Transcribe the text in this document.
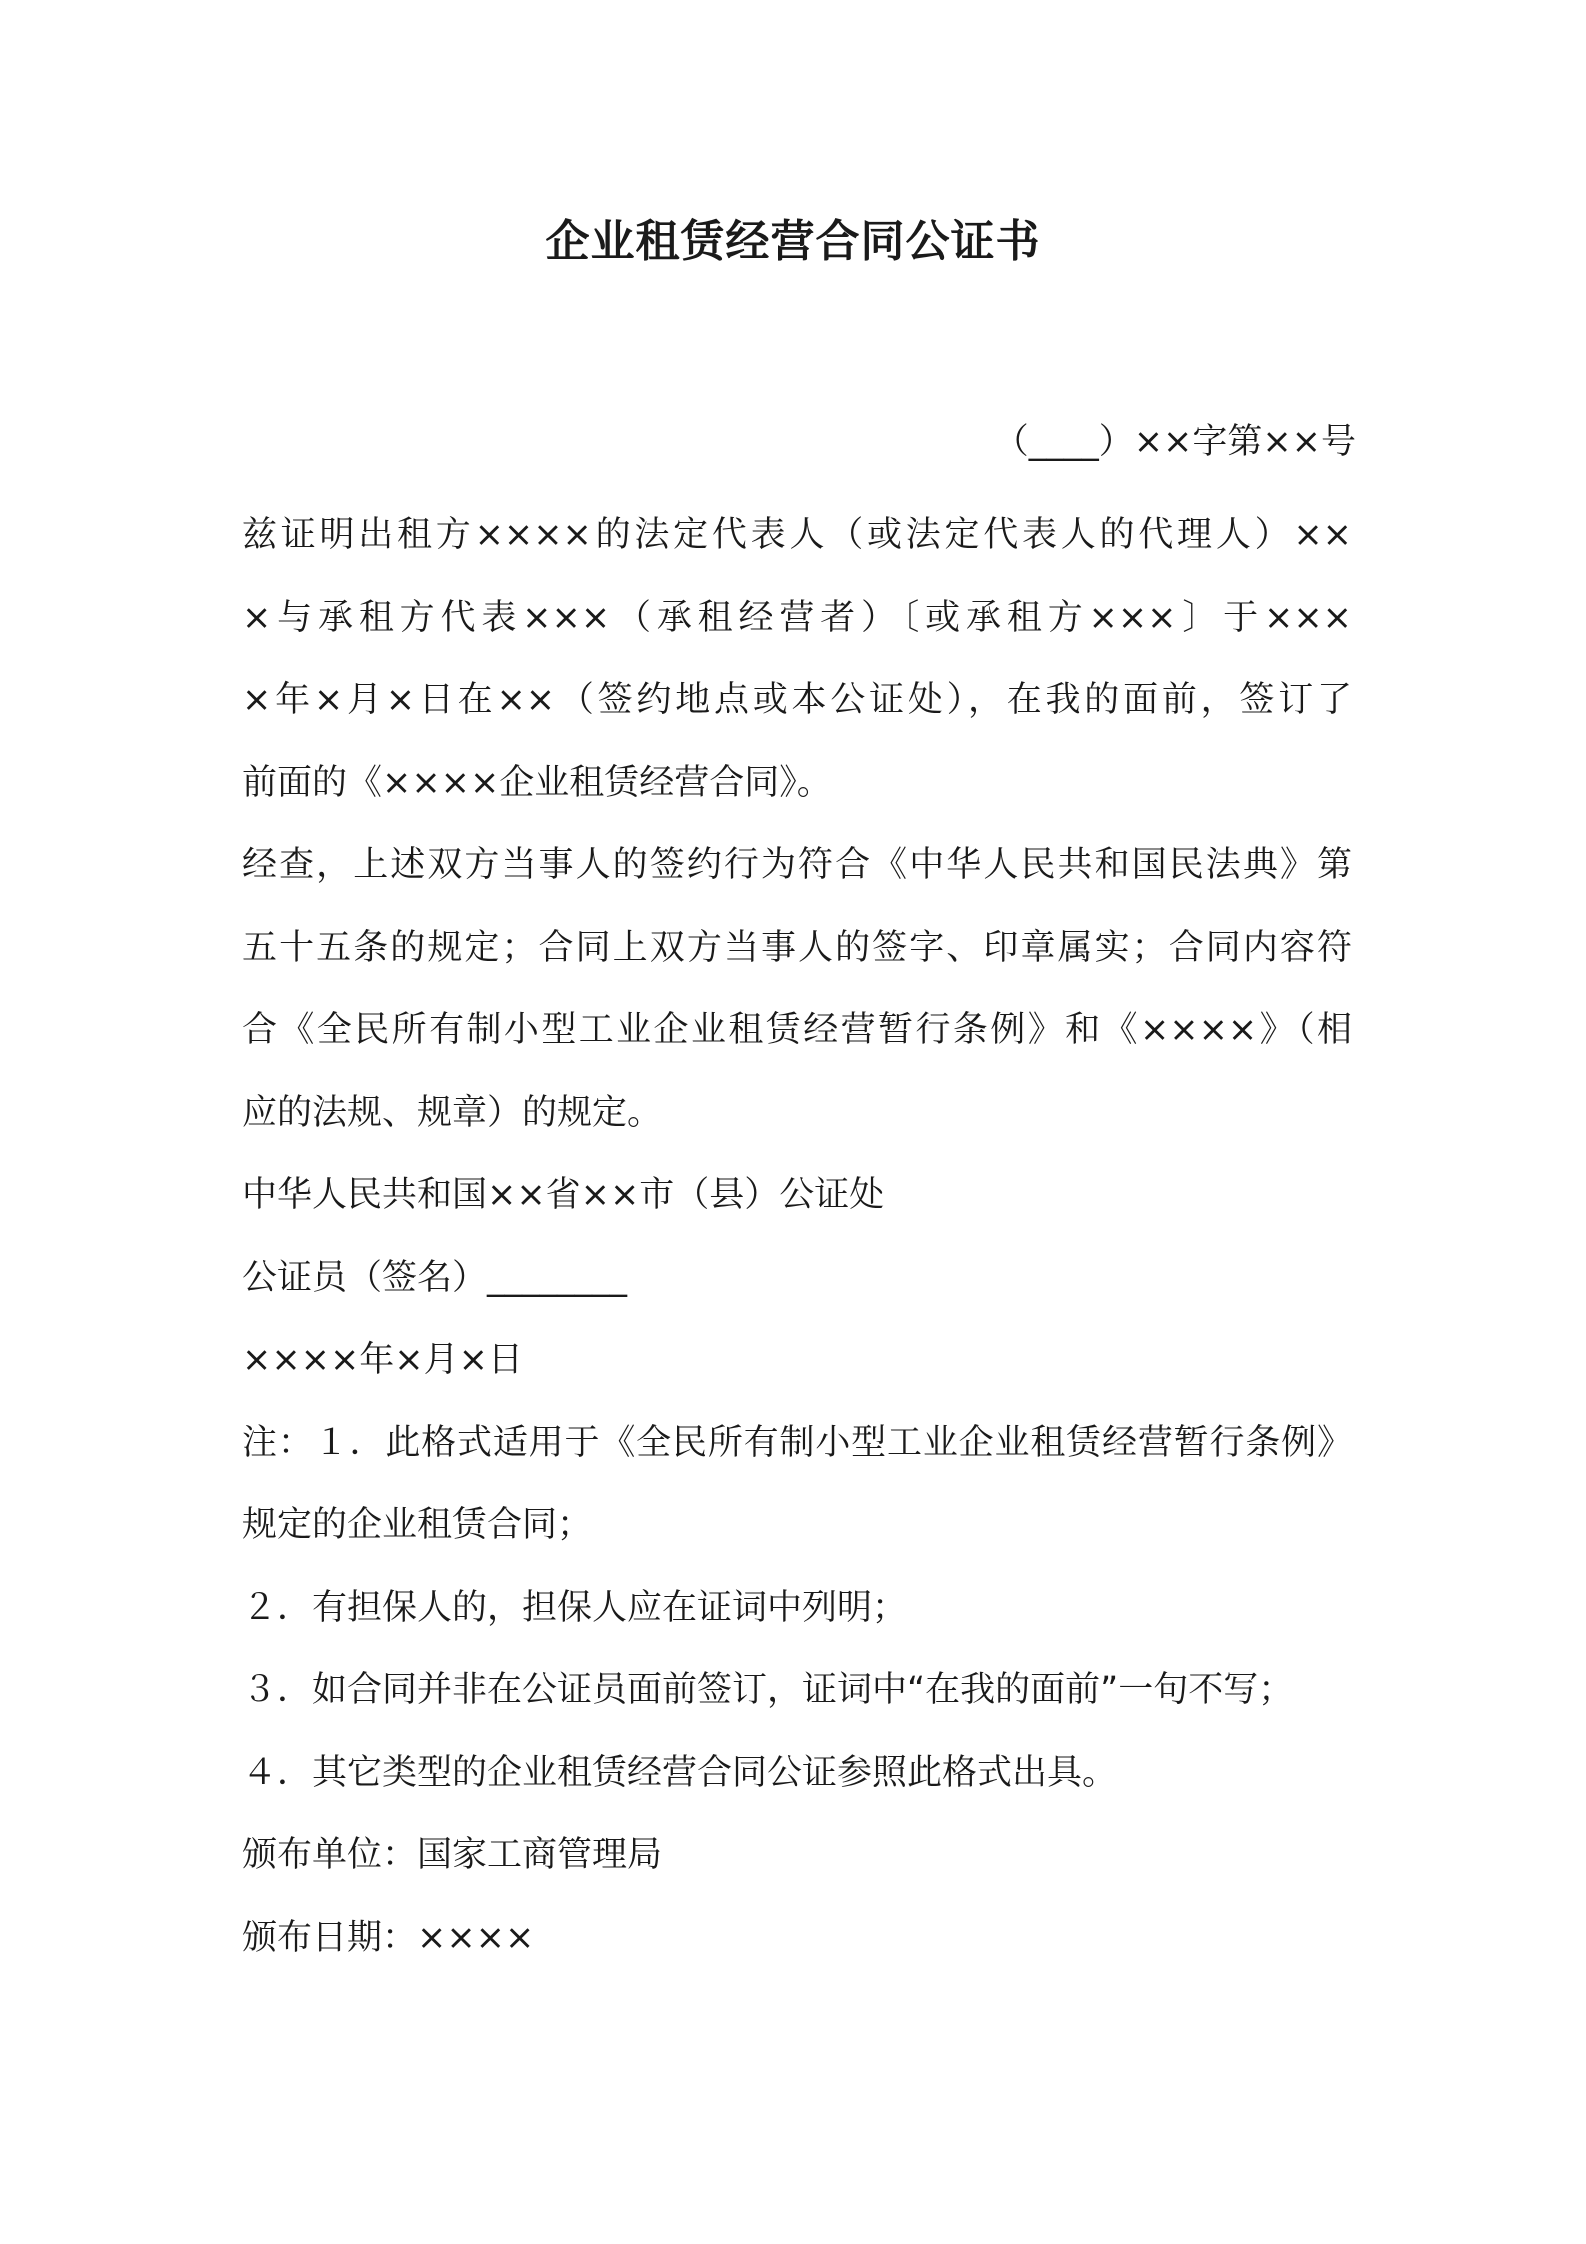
企业租赁经营合同公证书
（____）××字第××号
兹证明出租方××××的法定代表人（或法定代表人的代理人）××
×与承租方代表×××（承租经营者）〔或承租方×××〕于×××
×年×月×日在××（签约地点或本公证处），在我的面前，签订了
前面的《××××企业租赁经营合同》。
经查，上述双方当事人的签约行为符合《中华人民共和国民法典》第
五十五条的规定；合同上双方当事人的签字、印章属实；合同内容符
合《全民所有制小型工业企业租赁经营暂行条例》和《××××》（相
应的法规、规章）的规定。
中华人民共和国××省××市（县）公证处
公证员（签名）________
××××年×月×日
注：１．此格式适用于《全民所有制小型工业企业租赁经营暂行条例》
规定的企业租赁合同；
２．有担保人的，担保人应在证词中列明；
３．如合同并非在公证员面前签订，证词中“在我的面前”一句不写；
４．其它类型的企业租赁经营合同公证参照此格式出具。
颁布单位：国家工商管理局
颁布日期：××××
